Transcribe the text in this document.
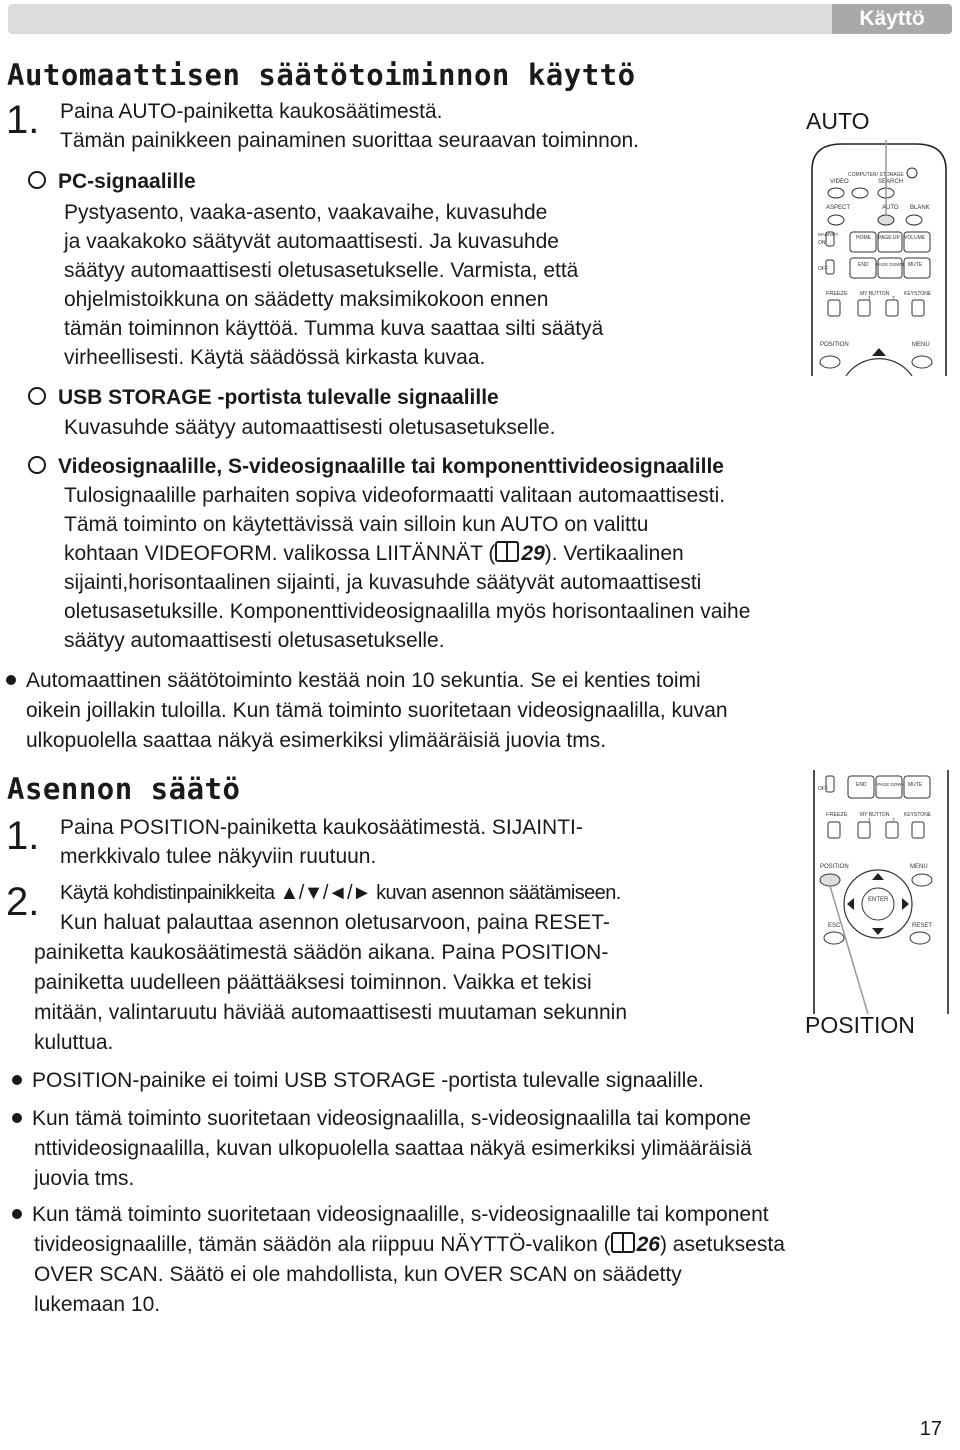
Käyttö
Automaattisen säätötoiminnon käyttö
1. Paina AUTO-painiketta kaukosäätimestä.
Tämän painikkeen painaminen suorittaa seuraavan toiminnon.
PC-signaalille
Pystyasento, vaaka-asento, vaakavaihe, kuvasuhde
ja vaakakoko säätyvät automaattisesti. Ja kuvasuhde
säätyy automaattisesti oletusasetukselle. Varmista, että
ohjelmistoikkuna on säädetty maksimikokoon ennen
tämän toiminnon käyttöä. Tumma kuva saattaa silti säätyä
virheellisesti. Käytä säädössä kirkasta kuvaa.
USB STORAGE -portista tulevalle signaalille
Kuvasuhde säätyy automaattisesti oletusasetukselle.
Videosignaalille, S-videosignaalille tai komponenttivideosignaalille
Tulosignaalille parhaiten sopiva videoformaatti valitaan automaattisesti.
Tämä toiminto on käytettävissä vain silloin kun AUTO on valittu
kohtaan VIDEOFORM. valikossa LIITÄNNÄT ( 29). Vertikaalinen
sijainti,horisontaalinen sijainti, ja kuvasuhde säätyvät automaattisesti
oletusasetuksille. Komponenttivideosignaalilla myös horisontaalinen vaihe
säätyy automaattisesti oletusasetukselle.
Automaattinen säätötoiminto kestää noin 10 sekuntia. Se ei kenties toimi
oikein joillakin tuloilla. Kun tämä toiminto suoritetaan videosignaalilla, kuvan
ulkopuolella saattaa näkyä esimerkiksi ylimääräisiä juovia tms.
AUTO
VIDEO
COMPUTER/ STORAGE
SEARCH
ASPECT	AUTO BLANK
MAGNIFY
ON
OFF
HOME PAGE UP VOLUME
END PAGE DOWN MUTE
FREEZE MY BUTTON	KEYSTONE
1	2
POSITION	MENU
Asennon säätö
1. Paina POSITION-painiketta kaukosäätimestä. SIJAINTI-
merkkivalo tulee näkyviin ruutuun.
2. Käytä kohdistinpainikkeita ▲/▼/◄/► kuvan asennon säätämiseen.
Kun haluat palauttaa asennon oletusarvoon, paina RESET-
painiketta kaukosäätimestä säädön aikana. Paina POSITION-
painiketta uudelleen päättääksesi toiminnon. Vaikka et tekisi
mitään, valintaruutu häviää automaattisesti muutaman sekunnin
kuluttua.
OFF
END PAGE DOWN MUTE
FREEZE MY BUTTON	KEYSTONE
1	2
POSITION	MENU
ENTER
ESC	RESET
POSITION
POSITION-painike ei toimi USB STORAGE -portista tulevalle signaalille.
Kun tämä toiminto suoritetaan videosignaalilla, s-videosignaalilla tai kompone
nttivideosignaalilla, kuvan ulkopuolella saattaa näkyä esimerkiksi ylimääräisiä
juovia tms.
Kun tämä toiminto suoritetaan videosignaalille, s-videosignaalille tai komponent
tivideosignaalille, tämän säädön ala riippuu NÄYTTÖ-valikon ( 26) asetuksesta
OVER SCAN. Säätö ei ole mahdollista, kun OVER SCAN on säädetty
lukemaan 10.
17
